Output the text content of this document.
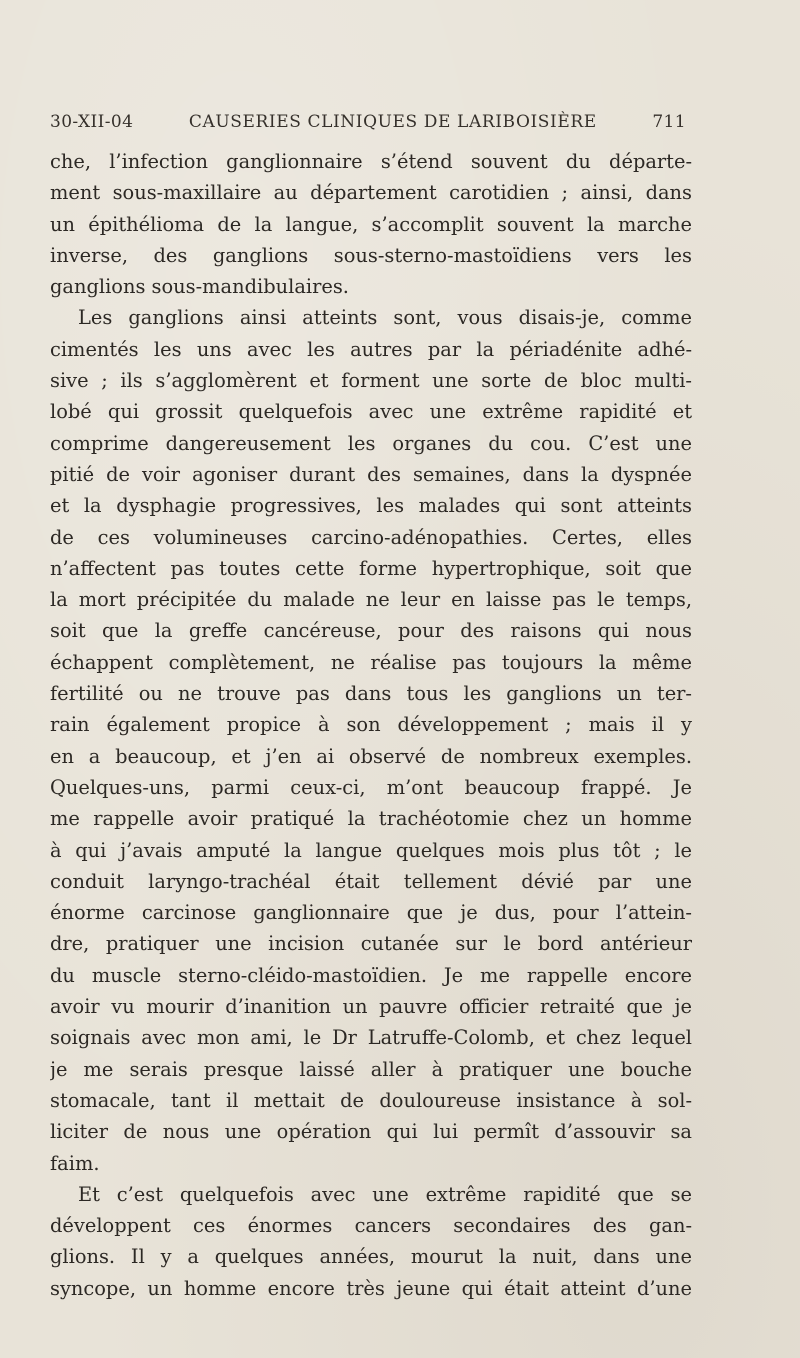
30-XII-04	CAUSERIES CLINIQUES DE LARIBOISIÈRE	711
che, l’infection ganglionnaire s’étend souvent du départe-
ment sous-maxillaire au département carotidien ; ainsi, dans
un épithélioma de la langue, s’accomplit souvent la marche
inverse, des ganglions sous-sterno-mastoïdiens vers les
ganglions sous-mandibulaires.
Les ganglions ainsi atteints sont, vous disais-je, comme
cimentés les uns avec les autres par la périadénite adhé-
sive ; ils s’agglomèrent et forment une sorte de bloc multi-
lobé qui grossit quelquefois avec une extrême rapidité et
comprime dangereusement les organes du cou. C’est une
pitié de voir agoniser durant des semaines, dans la dyspnée
et la dysphagie progressives, les malades qui sont atteints
de ces volumineuses carcino-adénopathies. Certes, elles
n’affectent pas toutes cette forme hypertrophique, soit que
la mort précipitée du malade ne leur en laisse pas le temps,
soit que la greffe cancéreuse, pour des raisons qui nous
échappent complètement, ne réalise pas toujours la même
fertilité ou ne trouve pas dans tous les ganglions un ter-
rain également propice à son développement ; mais il y
en a beaucoup, et j’en ai observé de nombreux exemples.
Quelques-uns, parmi ceux-ci, m’ont beaucoup frappé. Je
me rappelle avoir pratiqué la trachéotomie chez un homme
à qui j’avais amputé la langue quelques mois plus tôt ; le
conduit laryngo-trachéal était tellement dévié par une
énorme carcinose ganglionnaire que je dus, pour l’attein-
dre, pratiquer une incision cutanée sur le bord antérieur
du muscle sterno-cléido-mastoïdien. Je me rappelle encore
avoir vu mourir d’inanition un pauvre officier retraité que je
soignais avec mon ami, le Dr Latruffe-Colomb, et chez lequel
je me serais presque laissé aller à pratiquer une bouche
stomacale, tant il mettait de douloureuse insistance à sol-
liciter de nous une opération qui lui permît d’assouvir sa
faim.
Et c’est quelquefois avec une extrême rapidité que se
développent ces énormes cancers secondaires des gan-
glions. Il y a quelques années, mourut la nuit, dans une
syncope, un homme encore très jeune qui était atteint d’une
